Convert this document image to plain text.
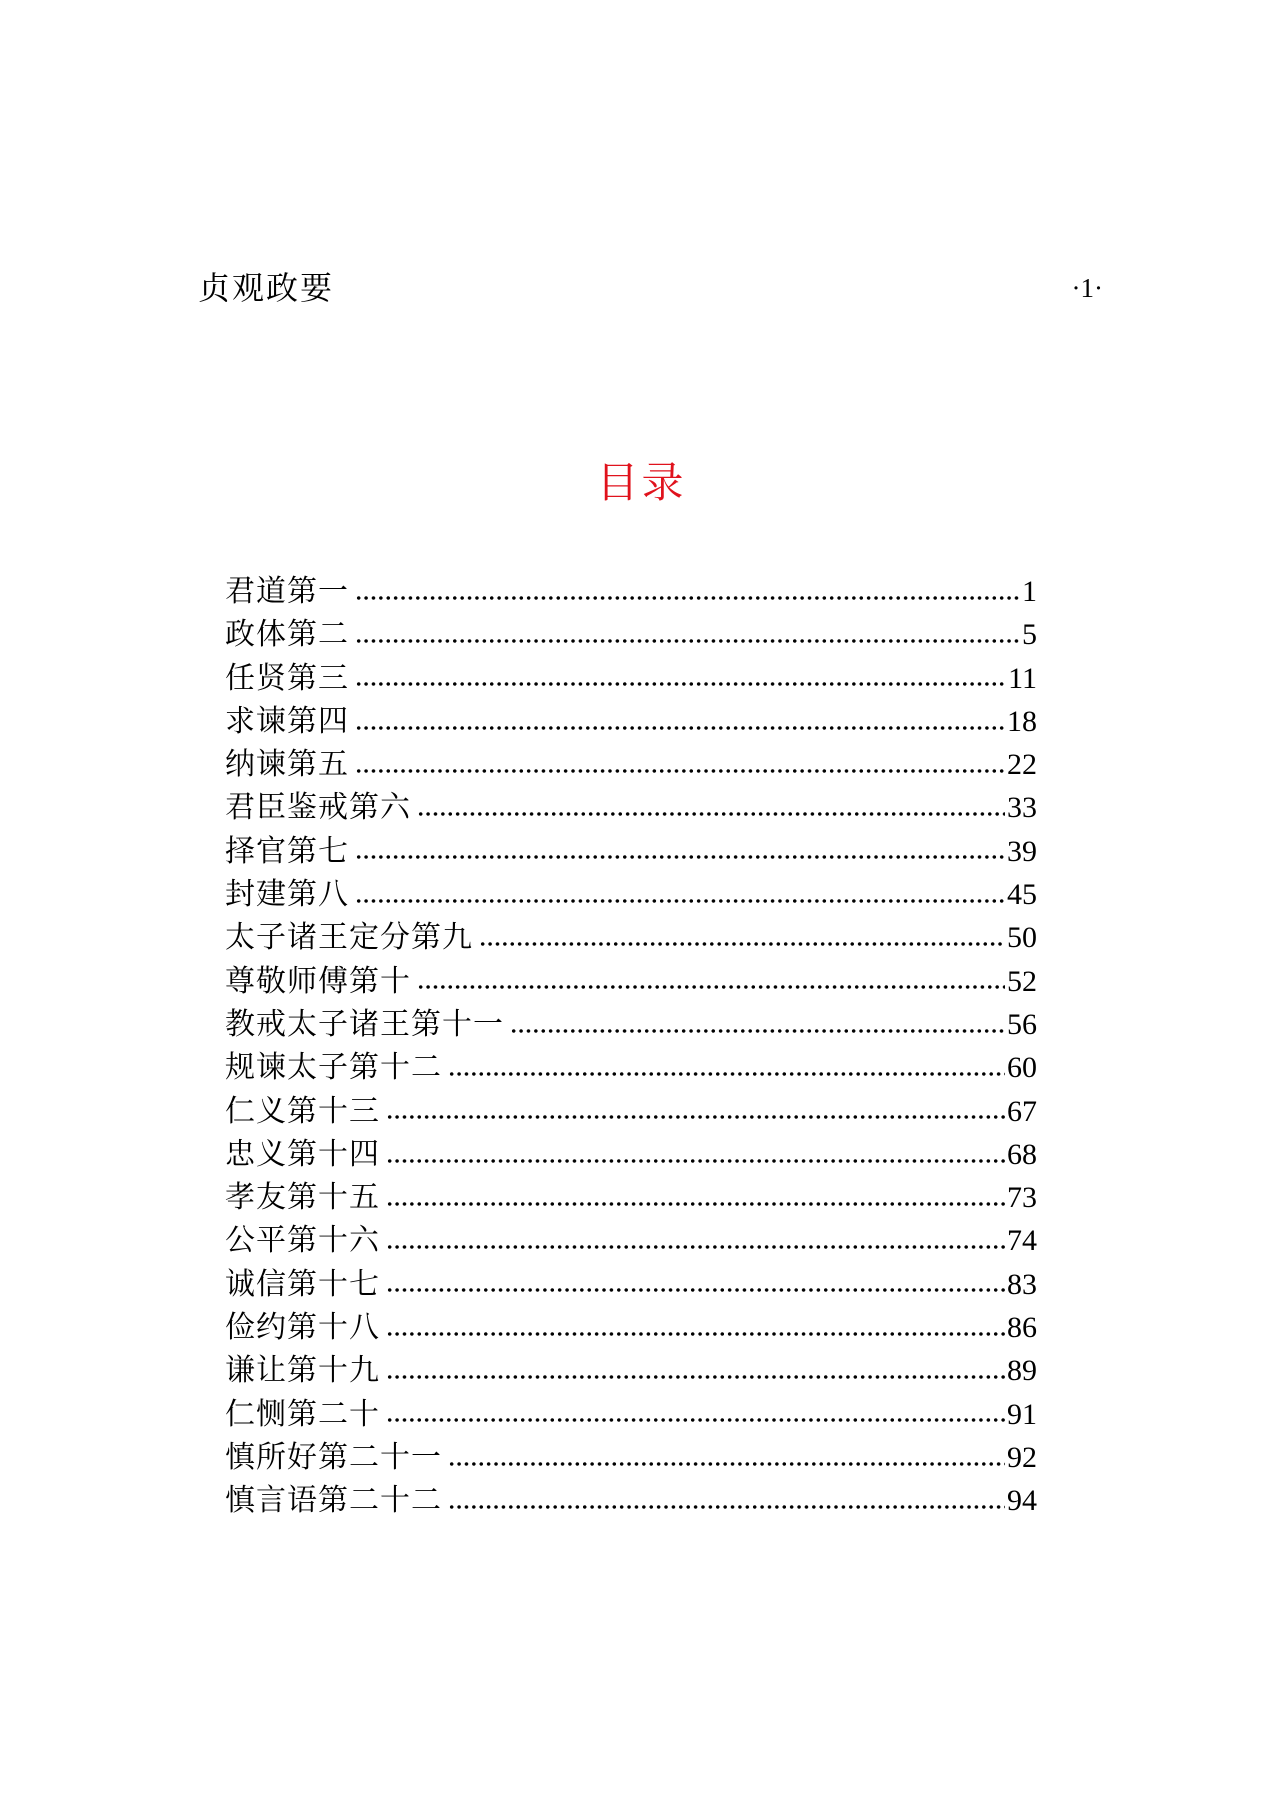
贞观政要	·1·
目录
君道第一	1
政体第二	5
任贤第三	11
求谏第四	18
纳谏第五	22
君臣鉴戒第六	33
择官第七	39
封建第八	45
太子诸王定分第九	50
尊敬师傅第十	52
教戒太子诸王第十一	56
规谏太子第十二	60
仁义第十三	67
忠义第十四	68
孝友第十五	73
公平第十六	74
诚信第十七	83
俭约第十八	86
谦让第十九	89
仁恻第二十	91
慎所好第二十一	92
慎言语第二十二	94
